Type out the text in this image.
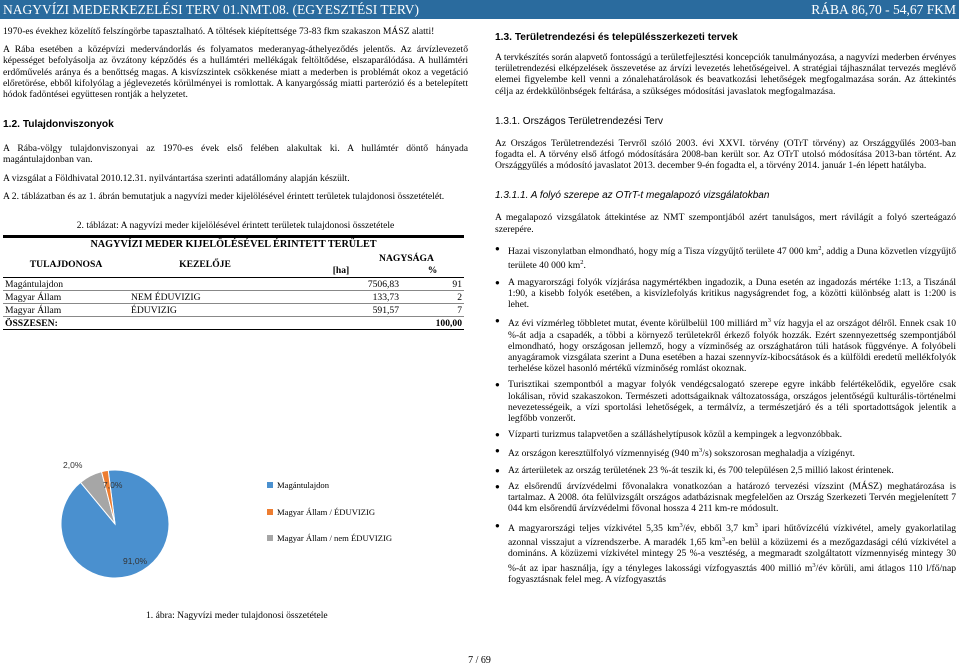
NAGYVÍZI MEDERKEZELÉSI TERV 01.NMT.08. (EGYESZTÉSI TERV)	RÁBA 86,70 - 54,67 FKM

1970-es évekhez közelítő felszíngörbe tapasztalható. A töltések kiépítettsége 73-83 fkm szakaszon MÁSZ alatti!

A Rába esetében a középvízi medervándorlás és folyamatos mederanyag-áthelyeződés jelentős. Az árvízlevezető képességet befolyásolja az övzátony képződés és a hullámtéri mellékágak feltöltődése, elszaparálódása. A hullámtéri erdőművelés aránya és a benőttség magas. A kisvízszintek csökkenése miatt a mederben is problémát okoz a vegetáció előretörése, ebből kifolyólag a jéglevezetés körülményei is romlottak. A kanyargósság miatti parterózió és a betelepített hódok fadöntései együttesen rontják a helyzetet.

1.2. Tulajdonviszonyok

A Rába-völgy tulajdonviszonyai az 1970-es évek első felében alakultak ki. A hullámtér döntő hányada magántulajdonban van.

A vizsgálat a Földhivatal 2010.12.31. nyilvántartása szerinti adatállomány alapján készült.

A 2. táblázatban és az 1. ábrán bemutatjuk a nagyvízi meder kijelölésével érintett területek tulajdonosi összetételét.

2. táblázat: A nagyvízi meder kijelölésével érintett területek tulajdonosi összetétele
NAGYVÍZI MEDER KIJELÖLÉSÉVEL ÉRINTETT TERÜLET			
TULAJDONOSA	KEZELŐJE	NAGYSÁGA	
		[ha]	%
Magántulajdon		7506,83	91
Magyar Állam	NEM ÉDUVIZIG	133,73	2
Magyar Állam	ÉDUVIZIG	591,57	7
ÖSSZESEN:			100,00
91,0%
7,0%
2,0%
Magántulajdon
Magyar Állam / ÉDUVIZIG
Magyar Állam / nem ÉDUVIZIG
1. ábra: Nagyvízi meder tulajdonosi összetétele
1.3. Területrendezési és településszerkezeti tervek

A tervkészítés során alapvető fontosságú a területfejlesztési koncepciók tanulmányozása, a nagyvízi mederben érvényes területrendezési elképzelések összevetése az árvízi levezetés lehetőségeivel. A stratégiai tájhasználat tervezés meglévő elemei figyelembe kell venni a zónalehatárolások és beavatkozási lehetőségek megfogalmazása során. Az áttekintés célja az érdekkülönbségek feltárása, a szükséges módosítási javaslatok megfogalmazása.

1.3.1. Országos Területrendezési Terv

Az Országos Területrendezési Tervről szóló 2003. évi XXVI. törvény (OTrT törvény) az Országgyűlés 2003-ban fogadta el. A törvény első átfogó módosítására 2008-ban került sor. Az OTrT utolsó módosítása 2013-ban történt. Az Országgyűlés a módosító javaslatot 2013. december 9-én fogadta el, a törvény 2014. január 1-én lépett hatályba.

1.3.1.1. A folyó szerepe az OTrT-t megalapozó vizsgálatokban

A megalapozó vizsgálatok áttekintése az NMT szempontjából azért tanulságos, mert rávilágít a folyó szerteágazó szerepére.

● Hazai viszonylatban elmondható, hogy míg a Tisza vízgyűjtő területe 47 000 $km^2$, addig a Duna közvetlen vízgyűjtő területe 40 000 $km^2$.
● A magyarországi folyók vízjárása nagymértékben ingadozik, a Duna esetén az ingadozás mértéke 1:13, a Tiszánál 1:90, a kisebb folyók esetében, a kisvízlefolyás kritikus nagyságrendet fog, a közötti különbség alatt is 1:200 is lehet.
● Az évi vízmérleg többletet mutat, évente körülbelül 100 milliárd $m^3$ víz hagyja el az országot délről. Ennek csak 10 %-át adja a csapadék, a többi a környező területekről érkező folyók hozzák. Ezért szennyezettség szempontjából elmondható, hogy országosan jellemző, hogy a vízminőség az országhatáron túli hatások függvénye. A folyóbeli anyagáramok vizsgálata szerint a Duna esetében a hazai szennyvíz-kibocsátások és a külföldi eredetű mellékfolyók terhelése közel hasonló mértékű vízminőség romlást okoznak.
● Turisztikai szempontból a magyar folyók vendégcsalogató szerepe egyre inkább felértékelődik, egyelőre csak lokálisan, rövid szakaszokon. Természeti adottságaiknak változatossága, országos jelentőségű kulturális-történelmi nevezetességeik, a vízi sportolási lehetőségek, a termálvíz, a természetjáró és a téli sportadottságok jelentik a legfőbb vonzerőt.
● Vízparti turizmus talapvetően a szálláshelytípusok közül a kempingek a legvonzóbbak.
● Az országon keresztülfolyó vízmennyiség (940 $m^3/s$) sokszorosan meghaladja a vízigényt.
● Az árterületek az ország területének 23 %-át teszik ki, és 700 településen 2,5 millió lakost érintenek.
● Az elsőrendű árvízvédelmi fővonalakra vonatkozóan a határozó tervezési vízszint (MÁSZ) meghatározása is tartalmaz. A 2008. óta felülvizsgált országos adatbázisnak megfelelően az Ország Szerkezeti Tervén megjelenített 7 044 km elsőrendű árvízvédelmi fővonal hossza 4 211 km-re módosult.
● A magyarországi teljes vízkivétel 5,35 $km^3/év$, ebből 3,7 $km^3$ ipari hűtővízcélú vízkivétel, amely gyakorlatilag azonnal visszajut a vízrendszerbe. A maradék 1,65 $km^3-en$ belül a közüzemi és a mezőgazdasági célú vízkivétel a domináns. A közüzemi vízkivétel mintegy 25 %-a vesztéség, a megmaradt szolgáltatott vízmennyiség mintegy 30 %-át az ipar használja, így a tényleges lakossági vízfogyasztás 400 millió $m^3/év$ körüli, ami átlagos 110 l/fő/nap fogyasztásnak felel meg. A vízfogyasztás
7 / 69
